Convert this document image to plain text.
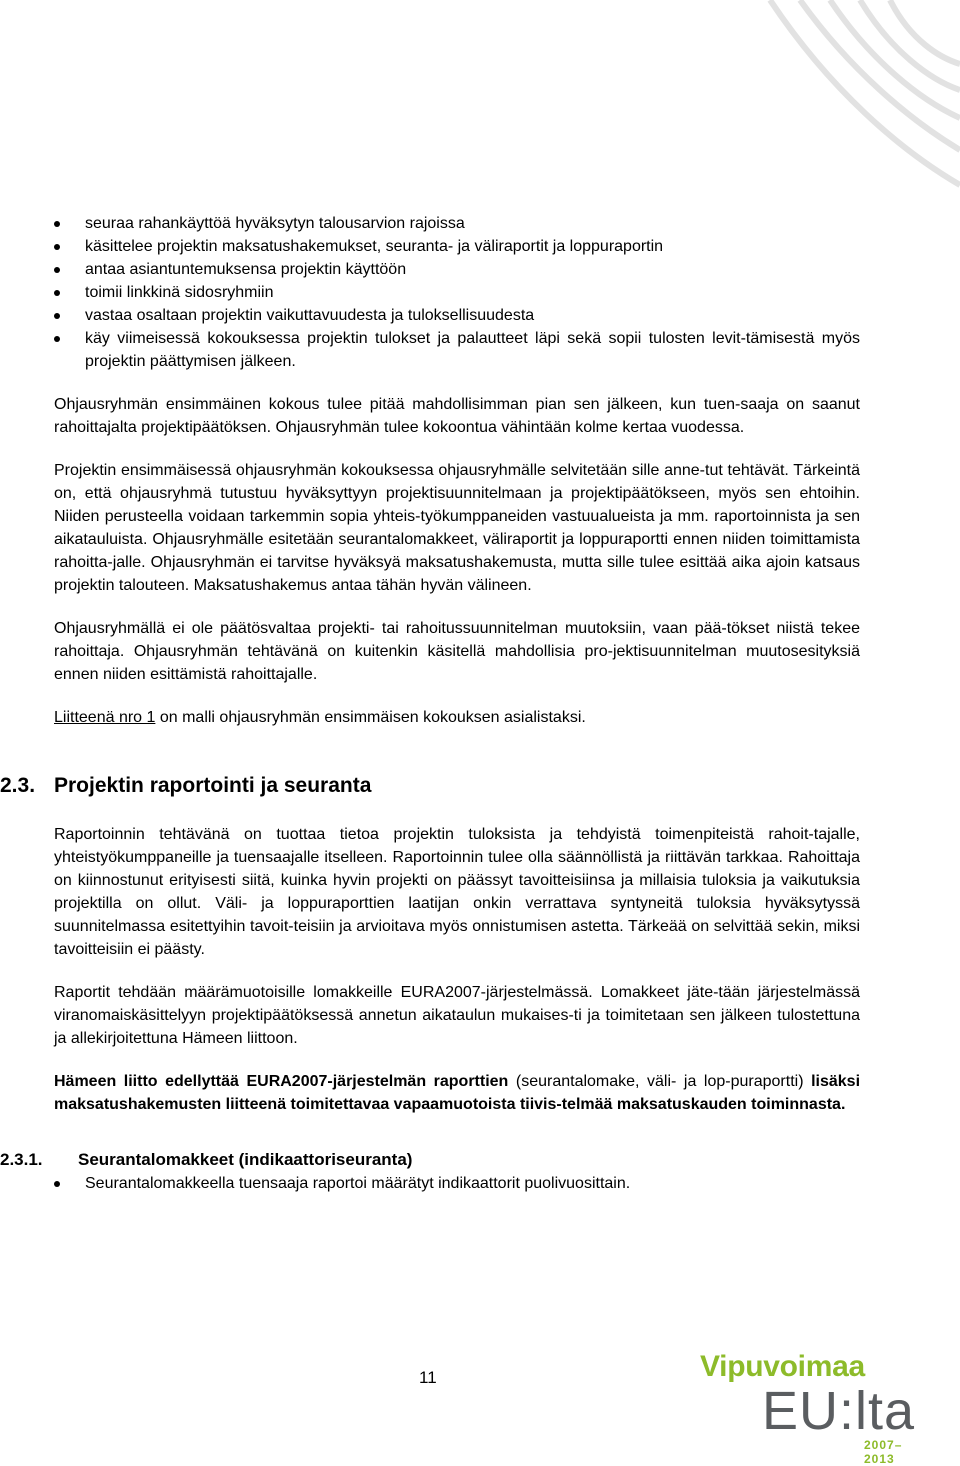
seuraa rahankäyttöä hyväksytyn talousarvion rajoissa
käsittelee projektin maksatushakemukset, seuranta- ja väliraportit ja loppuraportin
antaa asiantuntemuksensa projektin käyttöön
toimii linkkinä sidosryhmiin
vastaa osaltaan projektin vaikuttavuudesta ja tuloksellisuudesta
käy viimeisessä kokouksessa projektin tulokset ja palautteet läpi sekä sopii tulosten levit-tämisestä myös projektin päättymisen jälkeen.

Ohjausryhmän ensimmäinen kokous tulee pitää mahdollisimman pian sen jälkeen, kun tuen-saaja on saanut rahoittajalta projektipäätöksen. Ohjausryhmän tulee kokoontua vähintään kolme kertaa vuodessa.

Projektin ensimmäisessä ohjausryhmän kokouksessa ohjausryhmälle selvitetään sille anne-tut tehtävät. Tärkeintä on, että ohjausryhmä tutustuu hyväksyttyyn projektisuunnitelmaan ja projektipäätökseen, myös sen ehtoihin. Niiden perusteella voidaan tarkemmin sopia yhteis-työkumppaneiden vastuualueista ja mm. raportoinnista ja sen aikatauluista. Ohjausryhmälle esitetään seurantalomakkeet, väliraportit ja loppuraportti ennen niiden toimittamista rahoitta-jalle. Ohjausryhmän ei tarvitse hyväksyä maksatushakemusta, mutta sille tulee esittää aika ajoin katsaus projektin talouteen. Maksatushakemus antaa tähän hyvän välineen.

Ohjausryhmällä ei ole päätösvaltaa projekti- tai rahoitussuunnitelman muutoksiin, vaan pää-tökset niistä tekee rahoittaja. Ohjausryhmän tehtävänä on kuitenkin käsitellä mahdollisia pro-jektisuunnitelman muutosesityksiä ennen niiden esittämistä rahoittajalle.

Liitteenä nro 1 on malli ohjausryhmän ensimmäisen kokouksen asialistaksi.

2.3. Projektin raportointi ja seuranta

Raportoinnin tehtävänä on tuottaa tietoa projektin tuloksista ja tehdyistä toimenpiteistä rahoit-tajalle, yhteistyökumppaneille ja tuensaajalle itselleen. Raportoinnin tulee olla säännöllistä ja riittävän tarkkaa. Rahoittaja on kiinnostunut erityisesti siitä, kuinka hyvin projekti on päässyt tavoitteisiinsa ja millaisia tuloksia ja vaikutuksia projektilla on ollut. Väli- ja loppuraporttien laatijan onkin verrattava syntyneitä tuloksia hyväksytyssä suunnitelmassa esitettyihin tavoit-teisiin ja arvioitava myös onnistumisen astetta. Tärkeää on selvittää sekin, miksi tavoitteisiin ei päästy.

Raportit tehdään määrämuotoisille lomakkeille EURA2007-järjestelmässä. Lomakkeet jäte-tään järjestelmässä viranomaiskäsittelyyn projektipäätöksessä annetun aikataulun mukaises-ti ja toimitetaan sen jälkeen tulostettuna ja allekirjoitettuna Hämeen liittoon.

Hämeen liitto edellyttää EURA2007-järjestelmän raporttien (seurantalomake, väli- ja lop-puraportti) lisäksi maksatushakemusten liitteenä toimitettavaa vapaamuotoista tiivis-telmää maksatuskauden toiminnasta.

2.3.1.	Seurantalomakkeet (indikaattoriseuranta)
Seurantalomakkeella tuensaaja raportoi määrätyt indikaattorit puolivuosittain.
11	Vipuvoimaa
EU:lta
2007–2013
